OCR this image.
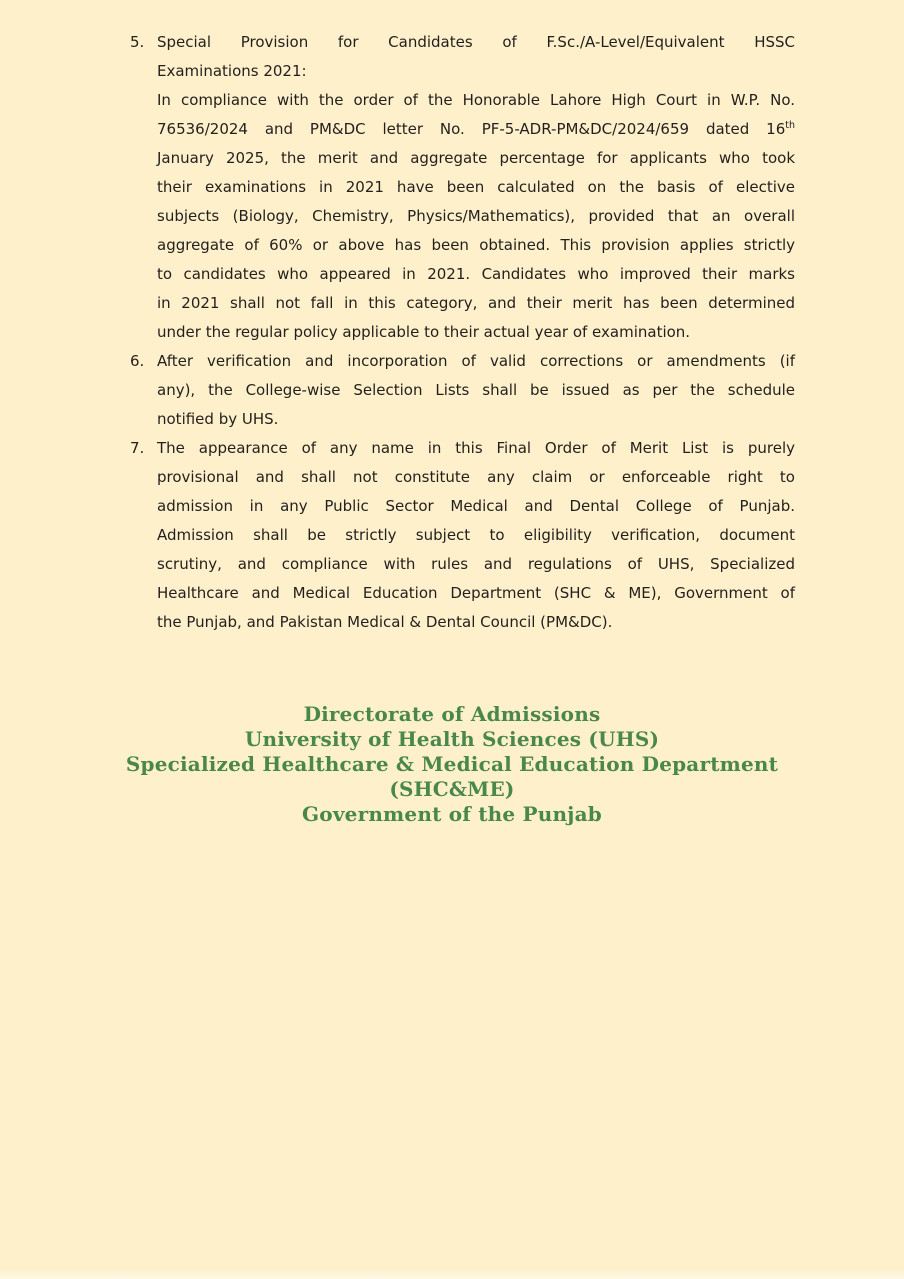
5. Special Provision for Candidates of F.Sc./A-Level/Equivalent HSSC
Examinations 2021:
In compliance with the order of the Honorable Lahore High Court in W.P. No.
76536/2024 and PM&DC letter No. PF-5-ADR-PM&DC/2024/659 dated 16th
January 2025, the merit and aggregate percentage for applicants who took
their examinations in 2021 have been calculated on the basis of elective
subjects (Biology, Chemistry, Physics/Mathematics), provided that an overall
aggregate of 60% or above has been obtained. This provision applies strictly
to candidates who appeared in 2021. Candidates who improved their marks
in 2021 shall not fall in this category, and their merit has been determined
under the regular policy applicable to their actual year of examination.
6. After verification and incorporation of valid corrections or amendments (if
any), the College-wise Selection Lists shall be issued as per the schedule
notified by UHS.
7. The appearance of any name in this Final Order of Merit List is purely
provisional and shall not constitute any claim or enforceable right to
admission in any Public Sector Medical and Dental College of Punjab.
Admission shall be strictly subject to eligibility verification, document
scrutiny, and compliance with rules and regulations of UHS, Specialized
Healthcare and Medical Education Department (SHC & ME), Government of
the Punjab, and Pakistan Medical & Dental Council (PM&DC).
Directorate of Admissions
University of Health Sciences (UHS)
Specialized Healthcare & Medical Education Department
(SHC&ME)
Government of the Punjab
